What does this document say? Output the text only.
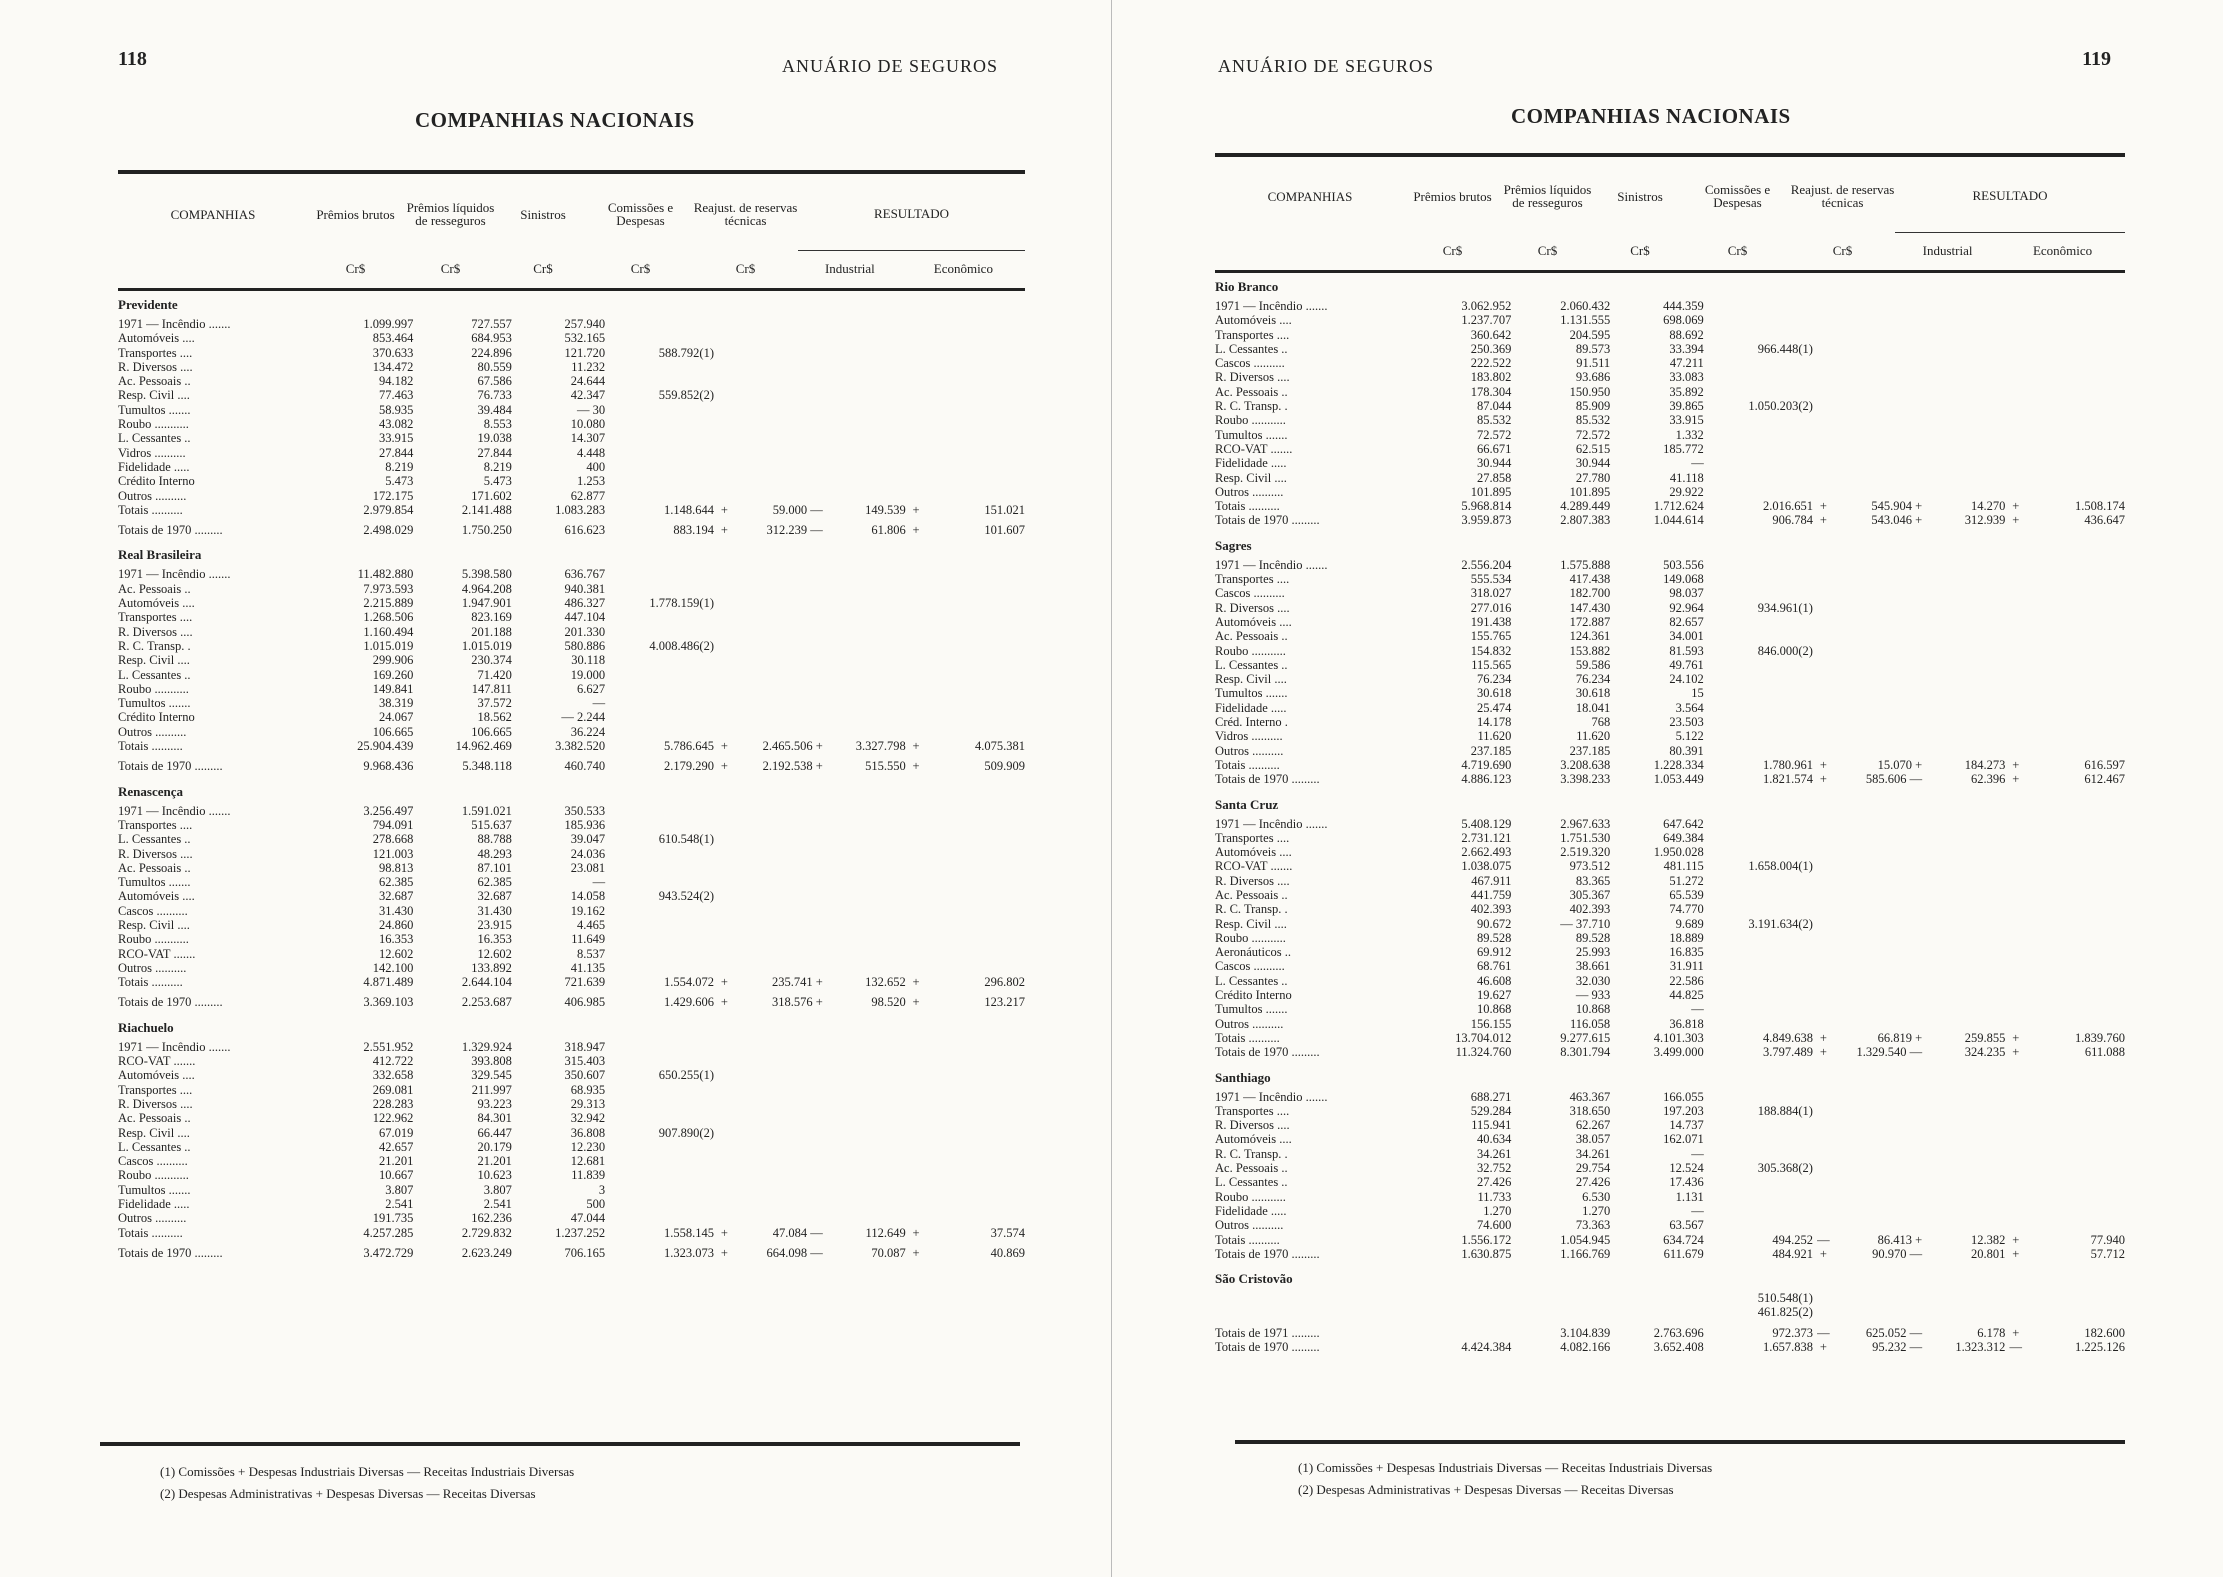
118	ANUÁRIO DE SEGUROS
COMPANHIAS NACIONAIS
COMPANHIAS	Prêmios brutos	Prêmios líquidos de resseguros	Sinistros	Comissões e Despesas	Reajust. de reservas técnicas	RESULTADO	
	Cr$	Cr$	Cr$	Cr$	Cr$	Industrial	Econômico
Previdente
1971 — Incêndio .......	1.099.997	727.557	257.940						
Automóveis ....	853.464	684.953	532.165						
Transportes ....	370.633	224.896	121.720	588.792(1)					
R. Diversos ....	134.472	80.559	11.232						
Ac. Pessoais ..	94.182	67.586	24.644						
Resp. Civil ....	77.463	76.733	42.347	559.852(2)					
Tumultos .......	58.935	39.484	— 30						
Roubo ...........	43.082	8.553	10.080						
L. Cessantes ..	33.915	19.038	14.307						
Vidros ..........	27.844	27.844	4.448						
Fidelidade .....	8.219	8.219	400						
Crédito Interno	5.473	5.473	1.253						
Outros ..........	172.175	171.602	62.877						
Totais ..........	2.979.854	2.141.488	1.083.283	1.148.644	+	59.000 —	149.539	+	151.021
Totais de 1970 .........	2.498.029	1.750.250	616.623	883.194	+	312.239 —	61.806	+	101.607
Real Brasileira
1971 — Incêndio .......	11.482.880	5.398.580	636.767						
Ac. Pessoais ..	7.973.593	4.964.208	940.381						
Automóveis ....	2.215.889	1.947.901	486.327	1.778.159(1)					
Transportes ....	1.268.506	823.169	447.104						
R. Diversos ....	1.160.494	201.188	201.330						
R. C. Transp. .	1.015.019	1.015.019	580.886	4.008.486(2)					
Resp. Civil ....	299.906	230.374	30.118						
L. Cessantes ..	169.260	71.420	19.000						
Roubo ...........	149.841	147.811	6.627						
Tumultos .......	38.319	37.572	—						
Crédito Interno	24.067	18.562	— 2.244						
Outros ..........	106.665	106.665	36.224						
Totais ..........	25.904.439	14.962.469	3.382.520	5.786.645	+	2.465.506 +	3.327.798	+	4.075.381
Totais de 1970 .........	9.968.436	5.348.118	460.740	2.179.290	+	2.192.538 +	515.550	+	509.909
Renascença
1971 — Incêndio .......	3.256.497	1.591.021	350.533						
Transportes ....	794.091	515.637	185.936						
L. Cessantes ..	278.668	88.788	39.047	610.548(1)					
R. Diversos ....	121.003	48.293	24.036						
Ac. Pessoais ..	98.813	87.101	23.081						
Tumultos .......	62.385	62.385	—						
Automóveis ....	32.687	32.687	14.058	943.524(2)					
Cascos ..........	31.430	31.430	19.162						
Resp. Civil ....	24.860	23.915	4.465						
Roubo ...........	16.353	16.353	11.649						
RCO-VAT .......	12.602	12.602	8.537						
Outros ..........	142.100	133.892	41.135						
Totais ..........	4.871.489	2.644.104	721.639	1.554.072	+	235.741 +	132.652	+	296.802
Totais de 1970 .........	3.369.103	2.253.687	406.985	1.429.606	+	318.576 +	98.520	+	123.217
Riachuelo
1971 — Incêndio .......	2.551.952	1.329.924	318.947						
RCO-VAT .......	412.722	393.808	315.403						
Automóveis ....	332.658	329.545	350.607	650.255(1)					
Transportes ....	269.081	211.997	68.935						
R. Diversos ....	228.283	93.223	29.313						
Ac. Pessoais ..	122.962	84.301	32.942						
Resp. Civil ....	67.019	66.447	36.808	907.890(2)					
L. Cessantes ..	42.657	20.179	12.230						
Cascos ..........	21.201	21.201	12.681						
Roubo ...........	10.667	10.623	11.839						
Tumultos .......	3.807	3.807	3						
Fidelidade .....	2.541	2.541	500						
Outros ..........	191.735	162.236	47.044						
Totais ..........	4.257.285	2.729.832	1.237.252	1.558.145	+	47.084 —	112.649	+	37.574
Totais de 1970 .........	3.472.729	2.623.249	706.165	1.323.073	+	664.098 —	70.087	+	40.869
(1) Comissões + Despesas Industriais Diversas — Receitas Industriais Diversas
(2) Despesas Administrativas + Despesas Diversas — Receitas Diversas
119
ANUÁRIO DE SEGUROS
COMPANHIAS NACIONAIS
COMPANHIAS	Prêmios brutos	Prêmios líquidos de resseguros	Sinistros	Comissões e Despesas	Reajust. de reservas técnicas	RESULTADO	
	Cr$	Cr$	Cr$	Cr$	Cr$	Industrial	Econômico
Rio Branco
1971 — Incêndio .......	3.062.952	2.060.432	444.359						
Automóveis ....	1.237.707	1.131.555	698.069						
Transportes ....	360.642	204.595	88.692						
L. Cessantes ..	250.369	89.573	33.394	966.448(1)					
Cascos ..........	222.522	91.511	47.211						
R. Diversos ....	183.802	93.686	33.083						
Ac. Pessoais ..	178.304	150.950	35.892						
R. C. Transp. .	87.044	85.909	39.865	1.050.203(2)					
Roubo ...........	85.532	85.532	33.915						
Tumultos .......	72.572	72.572	1.332						
RCO-VAT .......	66.671	62.515	185.772						
Fidelidade .....	30.944	30.944	—						
Resp. Civil ....	27.858	27.780	41.118						
Outros ..........	101.895	101.895	29.922						
Totais ..........	5.968.814	4.289.449	1.712.624	2.016.651	+	545.904 +	14.270	+	1.508.174
Totais de 1970 .........	3.959.873	2.807.383	1.044.614	906.784	+	543.046 +	312.939	+	436.647
Sagres
1971 — Incêndio .......	2.556.204	1.575.888	503.556						
Transportes ....	555.534	417.438	149.068						
Cascos ..........	318.027	182.700	98.037						
R. Diversos ....	277.016	147.430	92.964	934.961(1)					
Automóveis ....	191.438	172.887	82.657						
Ac. Pessoais ..	155.765	124.361	34.001						
Roubo ...........	154.832	153.882	81.593	846.000(2)					
L. Cessantes ..	115.565	59.586	49.761						
Resp. Civil ....	76.234	76.234	24.102						
Tumultos .......	30.618	30.618	15						
Fidelidade .....	25.474	18.041	3.564						
Créd. Interno .	14.178	768	23.503						
Vidros ..........	11.620	11.620	5.122						
Outros ..........	237.185	237.185	80.391						
Totais ..........	4.719.690	3.208.638	1.228.334	1.780.961	+	15.070 +	184.273	+	616.597
Totais de 1970 .........	4.886.123	3.398.233	1.053.449	1.821.574	+	585.606 —	62.396	+	612.467
Santa Cruz
1971 — Incêndio .......	5.408.129	2.967.633	647.642						
Transportes ....	2.731.121	1.751.530	649.384						
Automóveis ....	2.662.493	2.519.320	1.950.028						
RCO-VAT .......	1.038.075	973.512	481.115	1.658.004(1)					
R. Diversos ....	467.911	83.365	51.272						
Ac. Pessoais ..	441.759	305.367	65.539						
R. C. Transp. .	402.393	402.393	74.770						
Resp. Civil ....	90.672	— 37.710	9.689	3.191.634(2)					
Roubo ...........	89.528	89.528	18.889						
Aeronáuticos ..	69.912	25.993	16.835						
Cascos ..........	68.761	38.661	31.911						
L. Cessantes ..	46.608	32.030	22.586						
Crédito Interno	19.627	— 933	44.825						
Tumultos .......	10.868	10.868	—						
Outros ..........	156.155	116.058	36.818						
Totais ..........	13.704.012	9.277.615	4.101.303	4.849.638	+	66.819 +	259.855	+	1.839.760
Totais de 1970 .........	11.324.760	8.301.794	3.499.000	3.797.489	+	1.329.540 —	324.235	+	611.088
Santhiago
1971 — Incêndio .......	688.271	463.367	166.055						
Transportes ....	529.284	318.650	197.203	188.884(1)					
R. Diversos ....	115.941	62.267	14.737						
Automóveis ....	40.634	38.057	162.071						
R. C. Transp. .	34.261	34.261	—						
Ac. Pessoais ..	32.752	29.754	12.524	305.368(2)					
L. Cessantes ..	27.426	27.426	17.436						
Roubo ...........	11.733	6.530	1.131						
Fidelidade .....	1.270	1.270	—						
Outros ..........	74.600	73.363	63.567						
Totais ..........	1.556.172	1.054.945	634.724	494.252	—	86.413 +	12.382	+	77.940
Totais de 1970 .........	1.630.875	1.166.769	611.679	484.921	+	90.970 —	20.801	+	57.712
São Cristovão
				510.548(1)					
				461.825(2)					
Totais de 1971 .........		3.104.839	2.763.696	972.373	—	625.052 —	6.178	+	182.600
Totais de 1970 .........	4.424.384	4.082.166	3.652.408	1.657.838	+	95.232 —	1.323.312	—	1.225.126
(1) Comissões + Despesas Industriais Diversas — Receitas Industriais Diversas
(2) Despesas Administrativas + Despesas Diversas — Receitas Diversas
